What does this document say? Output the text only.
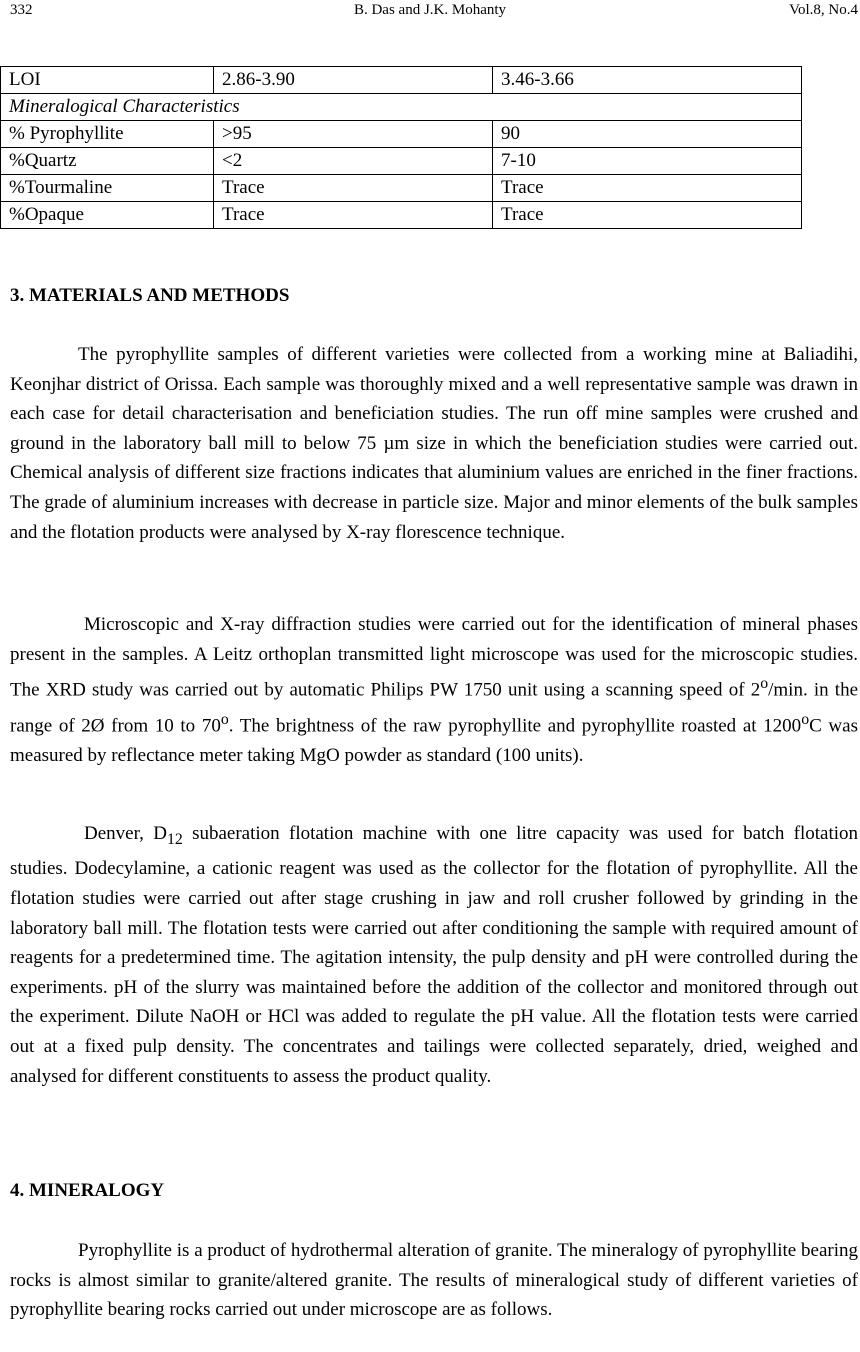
332	B. Das and J.K. Mohanty	Vol.8, No.4
LOI	2.86-3.90	3.46-3.66
Mineralogical Characteristics		
% Pyrophyllite	>95	90
%Quartz	<2	7-10
%Tourmaline	Trace	Trace
%Opaque	Trace	Trace
3. MATERIALS AND METHODS

The pyrophyllite samples of different varieties were collected from a working mine at Baliadihi, Keonjhar district of Orissa. Each sample was thoroughly mixed and a well representative sample was drawn in each case for detail characterisation and beneficiation studies. The run off mine samples were crushed and ground in the laboratory ball mill to below 75 µm size in which the beneficiation studies were carried out. Chemical analysis of different size fractions indicates that aluminium values are enriched in the finer fractions. The grade of aluminium increases with decrease in particle size. Major and minor elements of the bulk samples and the flotation products were analysed by X-ray florescence technique.

Microscopic and X-ray diffraction studies were carried out for the identification of mineral phases present in the samples. A Leitz orthoplan transmitted light microscope was used for the microscopic studies. The XRD study was carried out by automatic Philips PW 1750 unit using a scanning speed of 2$^o$/min. in the range of 2Ø from 10 to 70$^o$. The brightness of the raw pyrophyllite and pyrophyllite roasted at 1200$^o$C was measured by reflectance meter taking MgO powder as standard (100 units).

Denver, $D_{12}$ subaeration flotation machine with one litre capacity was used for batch flotation studies. Dodecylamine, a cationic reagent was used as the collector for the flotation of pyrophyllite. All the flotation studies were carried out after stage crushing in jaw and roll crusher followed by grinding in the laboratory ball mill. The flotation tests were carried out after conditioning the sample with required amount of reagents for a predetermined time. The agitation intensity, the pulp density and pH were controlled during the experiments. pH of the slurry was maintained before the addition of the collector and monitored through out the experiment. Dilute NaOH or HCl was added to regulate the pH value. All the flotation tests were carried out at a fixed pulp density. The concentrates and tailings were collected separately, dried, weighed and analysed for different constituents to assess the product quality.

4. MINERALOGY

Pyrophyllite is a product of hydrothermal alteration of granite. The mineralogy of pyrophyllite bearing rocks is almost similar to granite/altered granite. The results of mineralogical study of different varieties of pyrophyllite bearing rocks carried out under microscope are as follows.
